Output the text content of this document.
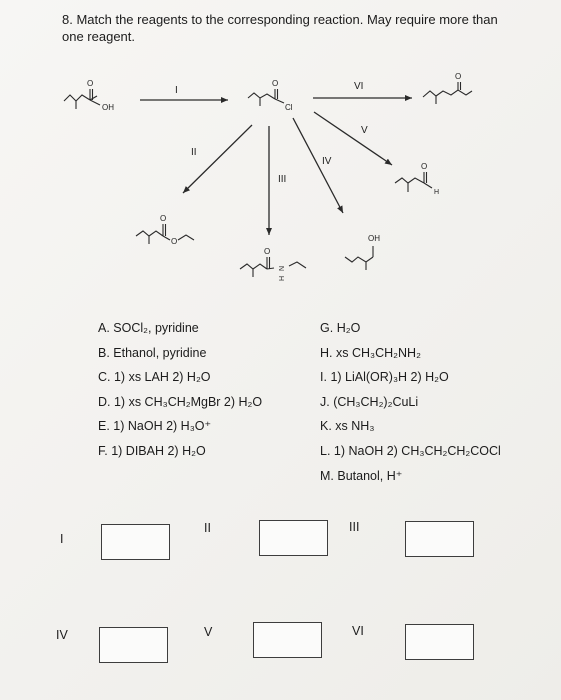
8. Match the reagents to the corresponding reaction. May require more than one reagent.
O
OH
I
O
Cl
VI
O
II
III
IV
V
O
H
O
O
O
N
H
OH
A. SOCl₂, pyridine
B. Ethanol, pyridine
C. 1) xs LAH 2) H₂O
D. 1) xs CH₃CH₂MgBr 2) H₂O
E. 1) NaOH 2) H₃O⁺
F. 1) DIBAH 2) H₂O
G. H₂O
H. xs CH₃CH₂NH₂
I. 1) LiAl(OR)₃H 2) H₂O
J. (CH₃CH₂)₂CuLi
K. xs NH₃
L. 1) NaOH 2) CH₃CH₂CH₂COCl
M. Butanol, H⁺
I
II	III
IV	V	VI
